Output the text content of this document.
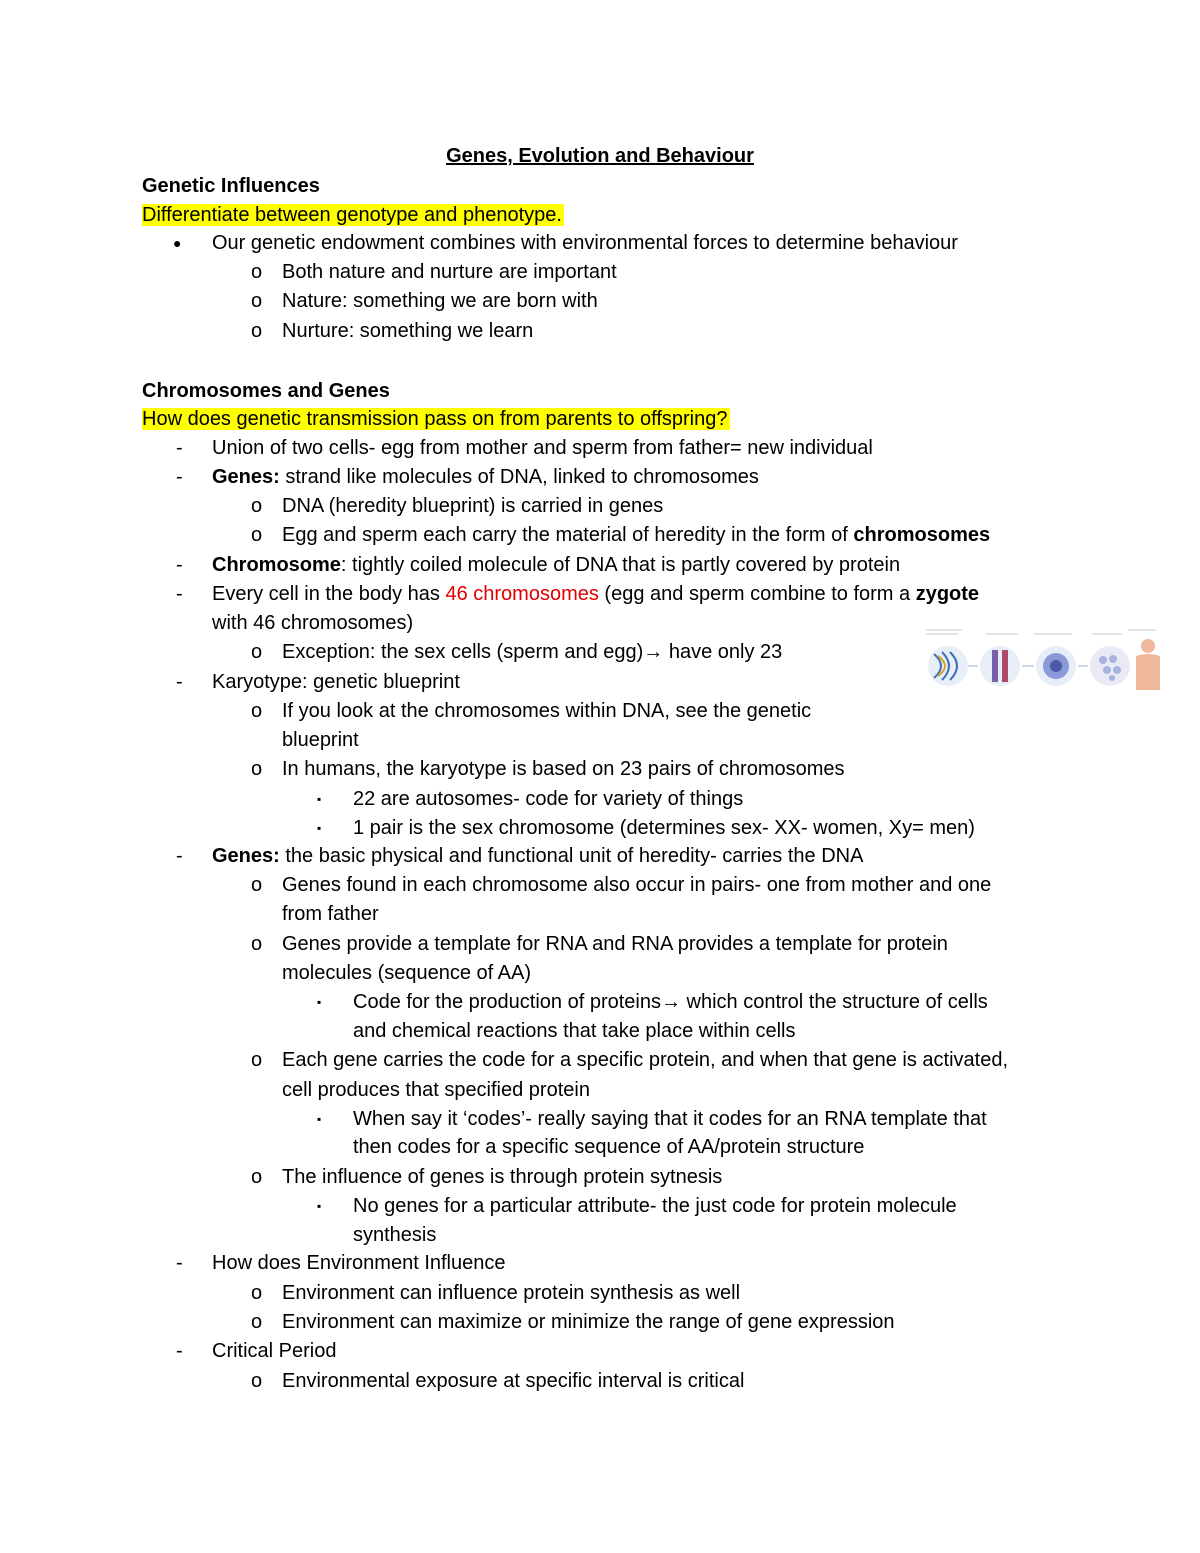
Genes, Evolution and Behaviour
Genetic Influences
Differentiate between genotype and phenotype.
● Our genetic endowment combines with environmental forces to determine behaviour
o Both nature and nurture are important
o Nature: something we are born with
o Nurture: something we learn
Chromosomes and Genes
How does genetic transmission pass on from parents to offspring?
- Union of two cells- egg from mother and sperm from father= new individual
- Genes: strand like molecules of DNA, linked to chromosomes
o DNA (heredity blueprint) is carried in genes
o Egg and sperm each carry the material of heredity in the form of chromosomes
- Chromosome: tightly coiled molecule of DNA that is partly covered by protein
- Every cell in the body has 46 chromosomes (egg and sperm combine to form a zygote
with 46 chromosomes)
o Exception: the sex cells (sperm and egg)→ have only 23
- Karyotype: genetic blueprint
o If you look at the chromosomes within DNA, see the genetic
blueprint
o In humans, the karyotype is based on 23 pairs of chromosomes
▪ 22 are autosomes- code for variety of things
▪ 1 pair is the sex chromosome (determines sex- XX- women, Xy= men)
- Genes: the basic physical and functional unit of heredity- carries the DNA
o Genes found in each chromosome also occur in pairs- one from mother and one
from father
o Genes provide a template for RNA and RNA provides a template for protein
molecules (sequence of AA)
▪ Code for the production of proteins→ which control the structure of cells
and chemical reactions that take place within cells
o Each gene carries the code for a specific protein, and when that gene is activated,
cell produces that specified protein
▪ When say it ‘codes’- really saying that it codes for an RNA template that
then codes for a specific sequence of AA/protein structure
o The influence of genes is through protein sytnesis
▪ No genes for a particular attribute- the just code for protein molecule
synthesis
- How does Environment Influence
o Environment can influence protein synthesis as well
o Environment can maximize or minimize the range of gene expression
- Critical Period
o Environmental exposure at specific interval is critical
